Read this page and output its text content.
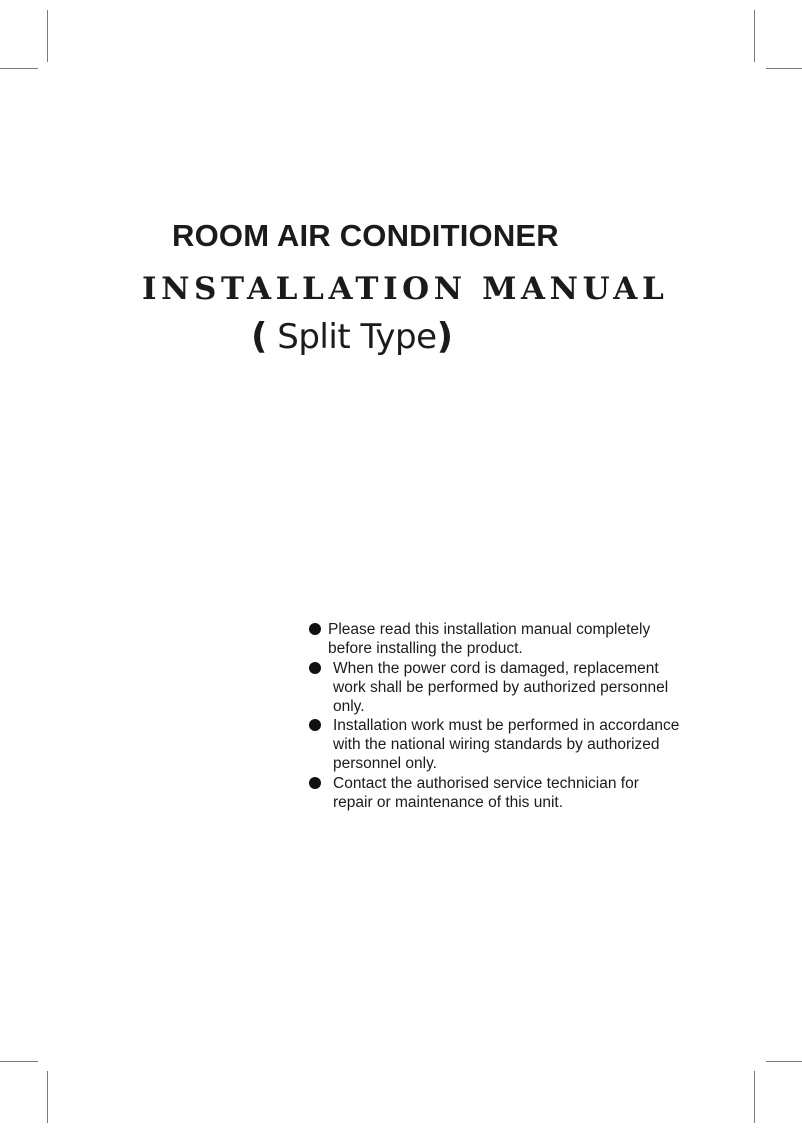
ROOM AIR CONDITIONER
INSTALLATION MANUAL
( Split Type)
Please read this installation manual completely
before installing the product.
When the power cord is damaged, replacement
work shall be performed by authorized personnel
only.
Installation work must be performed in accordance
with the national wiring standards by authorized
personnel only.
Contact the authorised service technician for
repair or maintenance of this unit.
